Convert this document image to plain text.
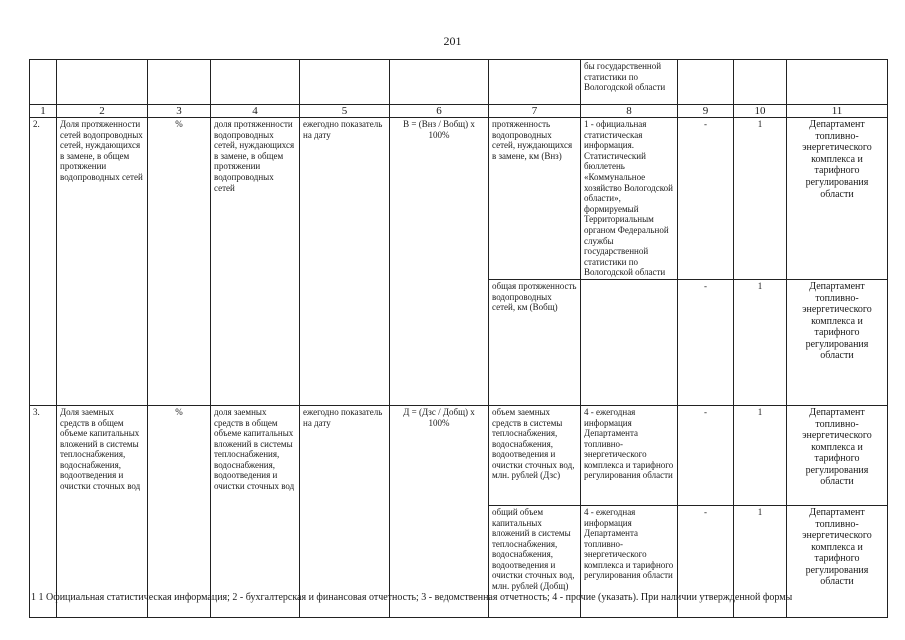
201
							бы государственной статистики по Вологодской области			
1	2	3	4	5	6	7	8	9	10	11
2.	Доля протяженности сетей водопроводных сетей, нуждающихся в замене, в общем протяжении водопроводных сетей	%	доля протяженности водопроводных сетей, нуждающихся в замене, в общем протяжении водопроводных сетей	ежегодно показатель на дату	В = (Внз / Вобщ) х 100%	протяженность водопроводных сетей, нуждающихся в замене, км (Внз)	1 - официальная статистическая информация. Статистический бюллетень «Коммунальное хозяйство Вологодской области», формируемый Территориальным органом Федеральной службы государственной статистики по Вологодской области	-	1	Департамент топливно-энергетического комплекса и тарифного регулирования области
						общая протяженность водопроводных сетей, км (Вобщ)		-	1	Департамент топливно-энергетического комплекса и тарифного регулирования области
3.	Доля заемных средств в общем объеме капитальных вложений в системы теплоснабжения, водоснабжения, водоотведения и очистки сточных вод	%	доля заемных средств в общем объеме капитальных вложений в системы теплоснабжения, водоснабжения, водоотведения и очистки сточных вод	ежегодно показатель на дату	Д = (Дзс / Добщ) х 100%	объем заемных средств в системы теплоснабжения, водоснабжения, водоотведения и очистки сточных вод, млн. рублей (Дзс)	4 - ежегодная информация Департамента топливно-энергетического комплекса и тарифного регулирования области	-	1	Департамент топливно-энергетического комплекса и тарифного регулирования области
						общий объем капитальных вложений в системы теплоснабжения, водоснабжения, водоотведения и очистки сточных вод, млн. рублей (Добщ)	4 - ежегодная информация Департамента топливно-энергетического комплекса и тарифного регулирования области	-	1	Департамент топливно-энергетического комплекса и тарифного регулирования области
1 1 Официальная статистическая информация; 2 - бухгалтерская и финансовая отчетность; 3 - ведомственная отчетность; 4 - прочие (указать). При наличии утвержденной формы
